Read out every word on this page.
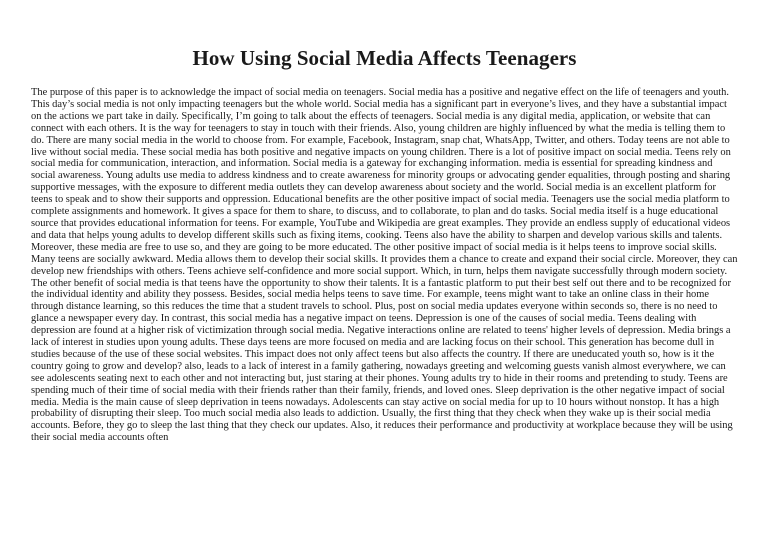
How Using Social Media Affects Teenagers

The purpose of this paper is to acknowledge the impact of social media on teenagers. Social media has a positive and negative effect on the life of teenagers and youth. This day’s social media is not only impacting teenagers but the whole world. Social media has a significant part in everyone’s lives, and they have a substantial impact on the actions we part take in daily. Specifically, I’m going to talk about the effects of teenagers. Social media is any digital media, application, or website that can connect with each others. It is the way for teenagers to stay in touch with their friends. Also, young children are highly influenced by what the media is telling them to do. There are many social media in the world to choose from. For example, Facebook, Instagram, snap chat, WhatsApp, Twitter, and others. Today teens are not able to live without social media. These social media has both positive and negative impacts on young children. There is a lot of positive impact on social media. Teens rely on social media for communication, interaction, and information. Social media is a gateway for exchanging information. media is essential for spreading kindness and social awareness. Young adults use media to address kindness and to create awareness for minority groups or advocating gender equalities, through posting and sharing supportive messages, with the exposure to different media outlets they can develop awareness about society and the world. Social media is an excellent platform for teens to speak and to show their supports and oppression. Educational benefits are the other positive impact of social media. Teenagers use the social media platform to complete assignments and homework. It gives a space for them to share, to discuss, and to collaborate, to plan and do tasks. Social media itself is a huge educational source that provides educational information for teens. For example, YouTube and Wikipedia are great examples. They provide an endless supply of educational videos and data that helps young adults to develop different skills such as fixing items, cooking. Teens also have the ability to sharpen and develop various skills and talents. Moreover, these media are free to use so, and they are going to be more educated. The other positive impact of social media is it helps teens to improve social skills. Many teens are socially awkward. Media allows them to develop their social skills. It provides them a chance to create and expand their social circle. Moreover, they can develop new friendships with others. Teens achieve self-confidence and more social support. Which, in turn, helps them navigate successfully through modern society. The other benefit of social media is that teens have the opportunity to show their talents. It is a fantastic platform to put their best self out there and to be recognized for the individual identity and ability they possess. Besides, social media helps teens to save time. For example, teens might want to take an online class in their home through distance learning, so this reduces the time that a student travels to school. Plus, post on social media updates everyone within seconds so, there is no need to glance a newspaper every day. In contrast, this social media has a negative impact on teens. Depression is one of the causes of social media. Teens dealing with depression are found at a higher risk of victimization through social media. Negative interactions online are related to teens' higher levels of depression. Media brings a lack of interest in studies upon young adults. These days teens are more focused on media and are lacking focus on their school. This generation has become dull in studies because of the use of these social websites. This impact does not only affect teens but also affects the country. If there are uneducated youth so, how is it the country going to grow and develop? also, leads to a lack of interest in a family gathering, nowadays greeting and welcoming guests vanish almost everywhere, we can see adolescents seating next to each other and not interacting but, just staring at their phones. Young adults try to hide in their rooms and pretending to study. Teens are spending much of their time of social media with their friends rather than their family, friends, and loved ones. Sleep deprivation is the other negative impact of social media. Media is the main cause of sleep deprivation in teens nowadays. Adolescents can stay active on social media for up to 10 hours without nonstop. It has a high probability of disrupting their sleep. Too much social media also leads to addiction. Usually, the first thing that they check when they wake up is their social media accounts. Before, they go to sleep the last thing that they check our updates. Also, it reduces their performance and productivity at workplace because they will be using their social media accounts often
